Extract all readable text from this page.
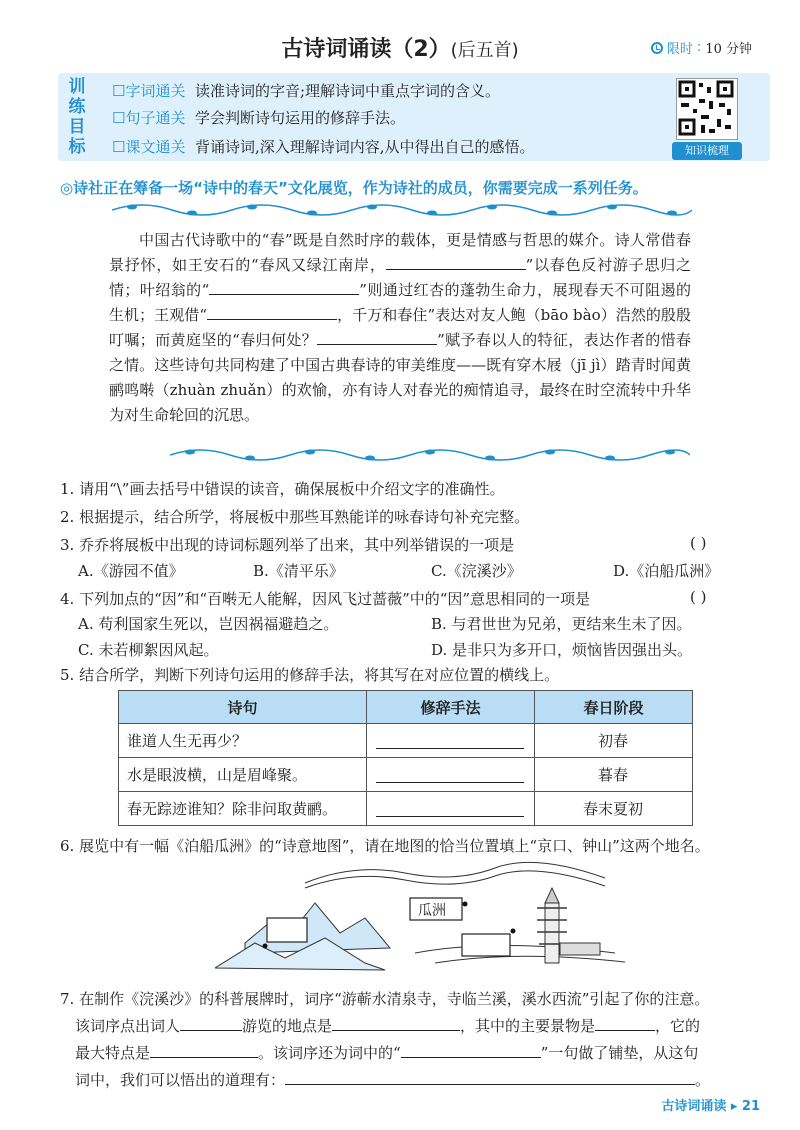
古诗词诵读（2）(后五首)	限时 : 10 分钟
训
练
目
标
☐字词通关 读准诗词的字音;理解诗词中重点字词的含义。
☐句子通关 学会判断诗句运用的修辞手法。
☐课文通关 背诵诗词,深入理解诗词内容,从中得出自己的感悟。	知识梳理
◎诗社正在筹备一场“诗中的春天”文化展览，作为诗社的成员，你需要完成一系列任务。

中国古代诗歌中的“春”既是自然时序的载体，更是情感与哲思的媒介。诗人常借春景抒怀，如王安石的“春风又绿江南岸，	”以春色反衬游子思归之情；叶绍翁的“	”则通过红杏的蓬勃生命力，展现春天不可阻遏的生机；王观借“	，千万和春住”表达对友人鲍（bāo bào）浩然的殷殷叮嘱；而黄庭坚的“春归何处？	”赋予春以人的特征，表达作者的惜春之情。这些诗句共同构建了中国古典春诗的审美维度——既有穿木屐（jī jì）踏青时闻黄鹂鸣啭（zhuàn zhuǎn）的欢愉，亦有诗人对春光的痴情追寻，最终在时空流转中升华为对生命轮回的沉思。

1. 请用“\”画去括号中错误的读音，确保展板中介绍文字的准确性。
2. 根据提示，结合所学，将展板中那些耳熟能详的咏春诗句补充完整。
3. 乔乔将展板中出现的诗词标题列举了出来，其中列举错误的一项是	( )
A.《游园不值》	B.《清平乐》	C.《浣溪沙》	D.《泊船瓜洲》
4. 下列加点的“因”和“百啭无人能解，因风飞过蔷薇”中的“因”意思相同的一项是	( )
A. 苟利国家生死以，岂因祸福避趋之。	B. 与君世世为兄弟，更结来生未了因。
C. 未若柳絮因风起。	D. 是非只为多开口，烦恼皆因强出头。
5. 结合所学，判断下列诗句运用的修辞手法，将其写在对应位置的横线上。
诗句	修辞手法	春日阶段
谁道人生无再少？		初春
水是眼波横，山是眉峰聚。		暮春
春无踪迹谁知？除非问取黄鹂。		春末夏初
6. 展览中有一幅《泊船瓜洲》的“诗意地图”，请在地图的恰当位置填上“京口、钟山”这两个地名。
瓜洲
7. 在制作《浣溪沙》的科普展牌时，词序“游蕲水清泉寺，寺临兰溪，溪水西流”引起了你的注意。
该词序点出词人	游览的地点是	，其中的主要景物是	，它的
最大特点是	。该词序还为词中的“	”一句做了铺垫，从这句
词中，我们可以悟出的道理有：	。
古诗词诵读 ▸ 21
